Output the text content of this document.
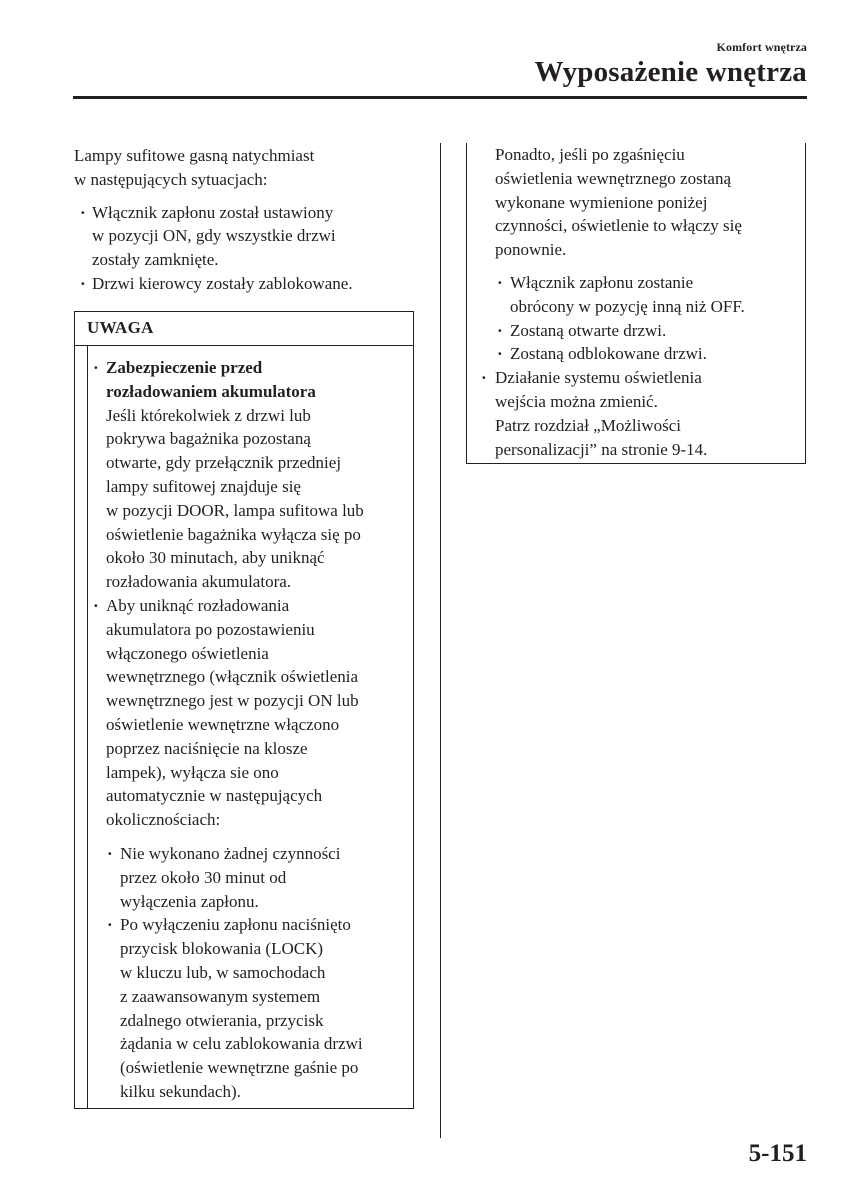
Komfort wnętrza
Wyposażenie wnętrza

Lampy sufitowe gasną natychmiast
w następujących sytuacjach:

· Włącznik zapłonu został ustawiony
w pozycji ON, gdy wszystkie drzwi
zostały zamknięte.

· Drzwi kierowcy zostały zablokowane.

UWAGA

· Zabezpieczenie przed
rozładowaniem akumulatora

Jeśli którekolwiek z drzwi lub
pokrywa bagażnika pozostaną
otwarte, gdy przełącznik przedniej
lampy sufitowej znajduje się
w pozycji DOOR, lampa sufitowa lub
oświetlenie bagażnika wyłącza się po
około 30 minutach, aby uniknąć
rozładowania akumulatora.

· Aby uniknąć rozładowania
akumulatora po pozostawieniu
włączonego oświetlenia
wewnętrznego (włącznik oświetlenia
wewnętrznego jest w pozycji ON lub
oświetlenie wewnętrzne włączono
poprzez naciśnięcie na klosze
lampek), wyłącza sie ono
automatycznie w następujących
okolicznościach:

· Nie wykonano żadnej czynności
przez około 30 minut od
wyłączenia zapłonu.

· Po wyłączeniu zapłonu naciśnięto
przycisk blokowania (LOCK)
w kluczu lub, w samochodach
z zaawansowanym systemem
zdalnego otwierania, przycisk
żądania w celu zablokowania drzwi
(oświetlenie wewnętrzne gaśnie po
kilku sekundach).

Ponadto, jeśli po zgaśnięciu
oświetlenia wewnętrznego zostaną
wykonane wymienione poniżej
czynności, oświetlenie to włączy się
ponownie.

· Włącznik zapłonu zostanie
obrócony w pozycję inną niż OFF.

· Zostaną otwarte drzwi.

· Zostaną odblokowane drzwi.

· Działanie systemu oświetlenia
wejścia można zmienić.
Patrz rozdział „Możliwości
personalizacji” na stronie 9-14.

5-151
